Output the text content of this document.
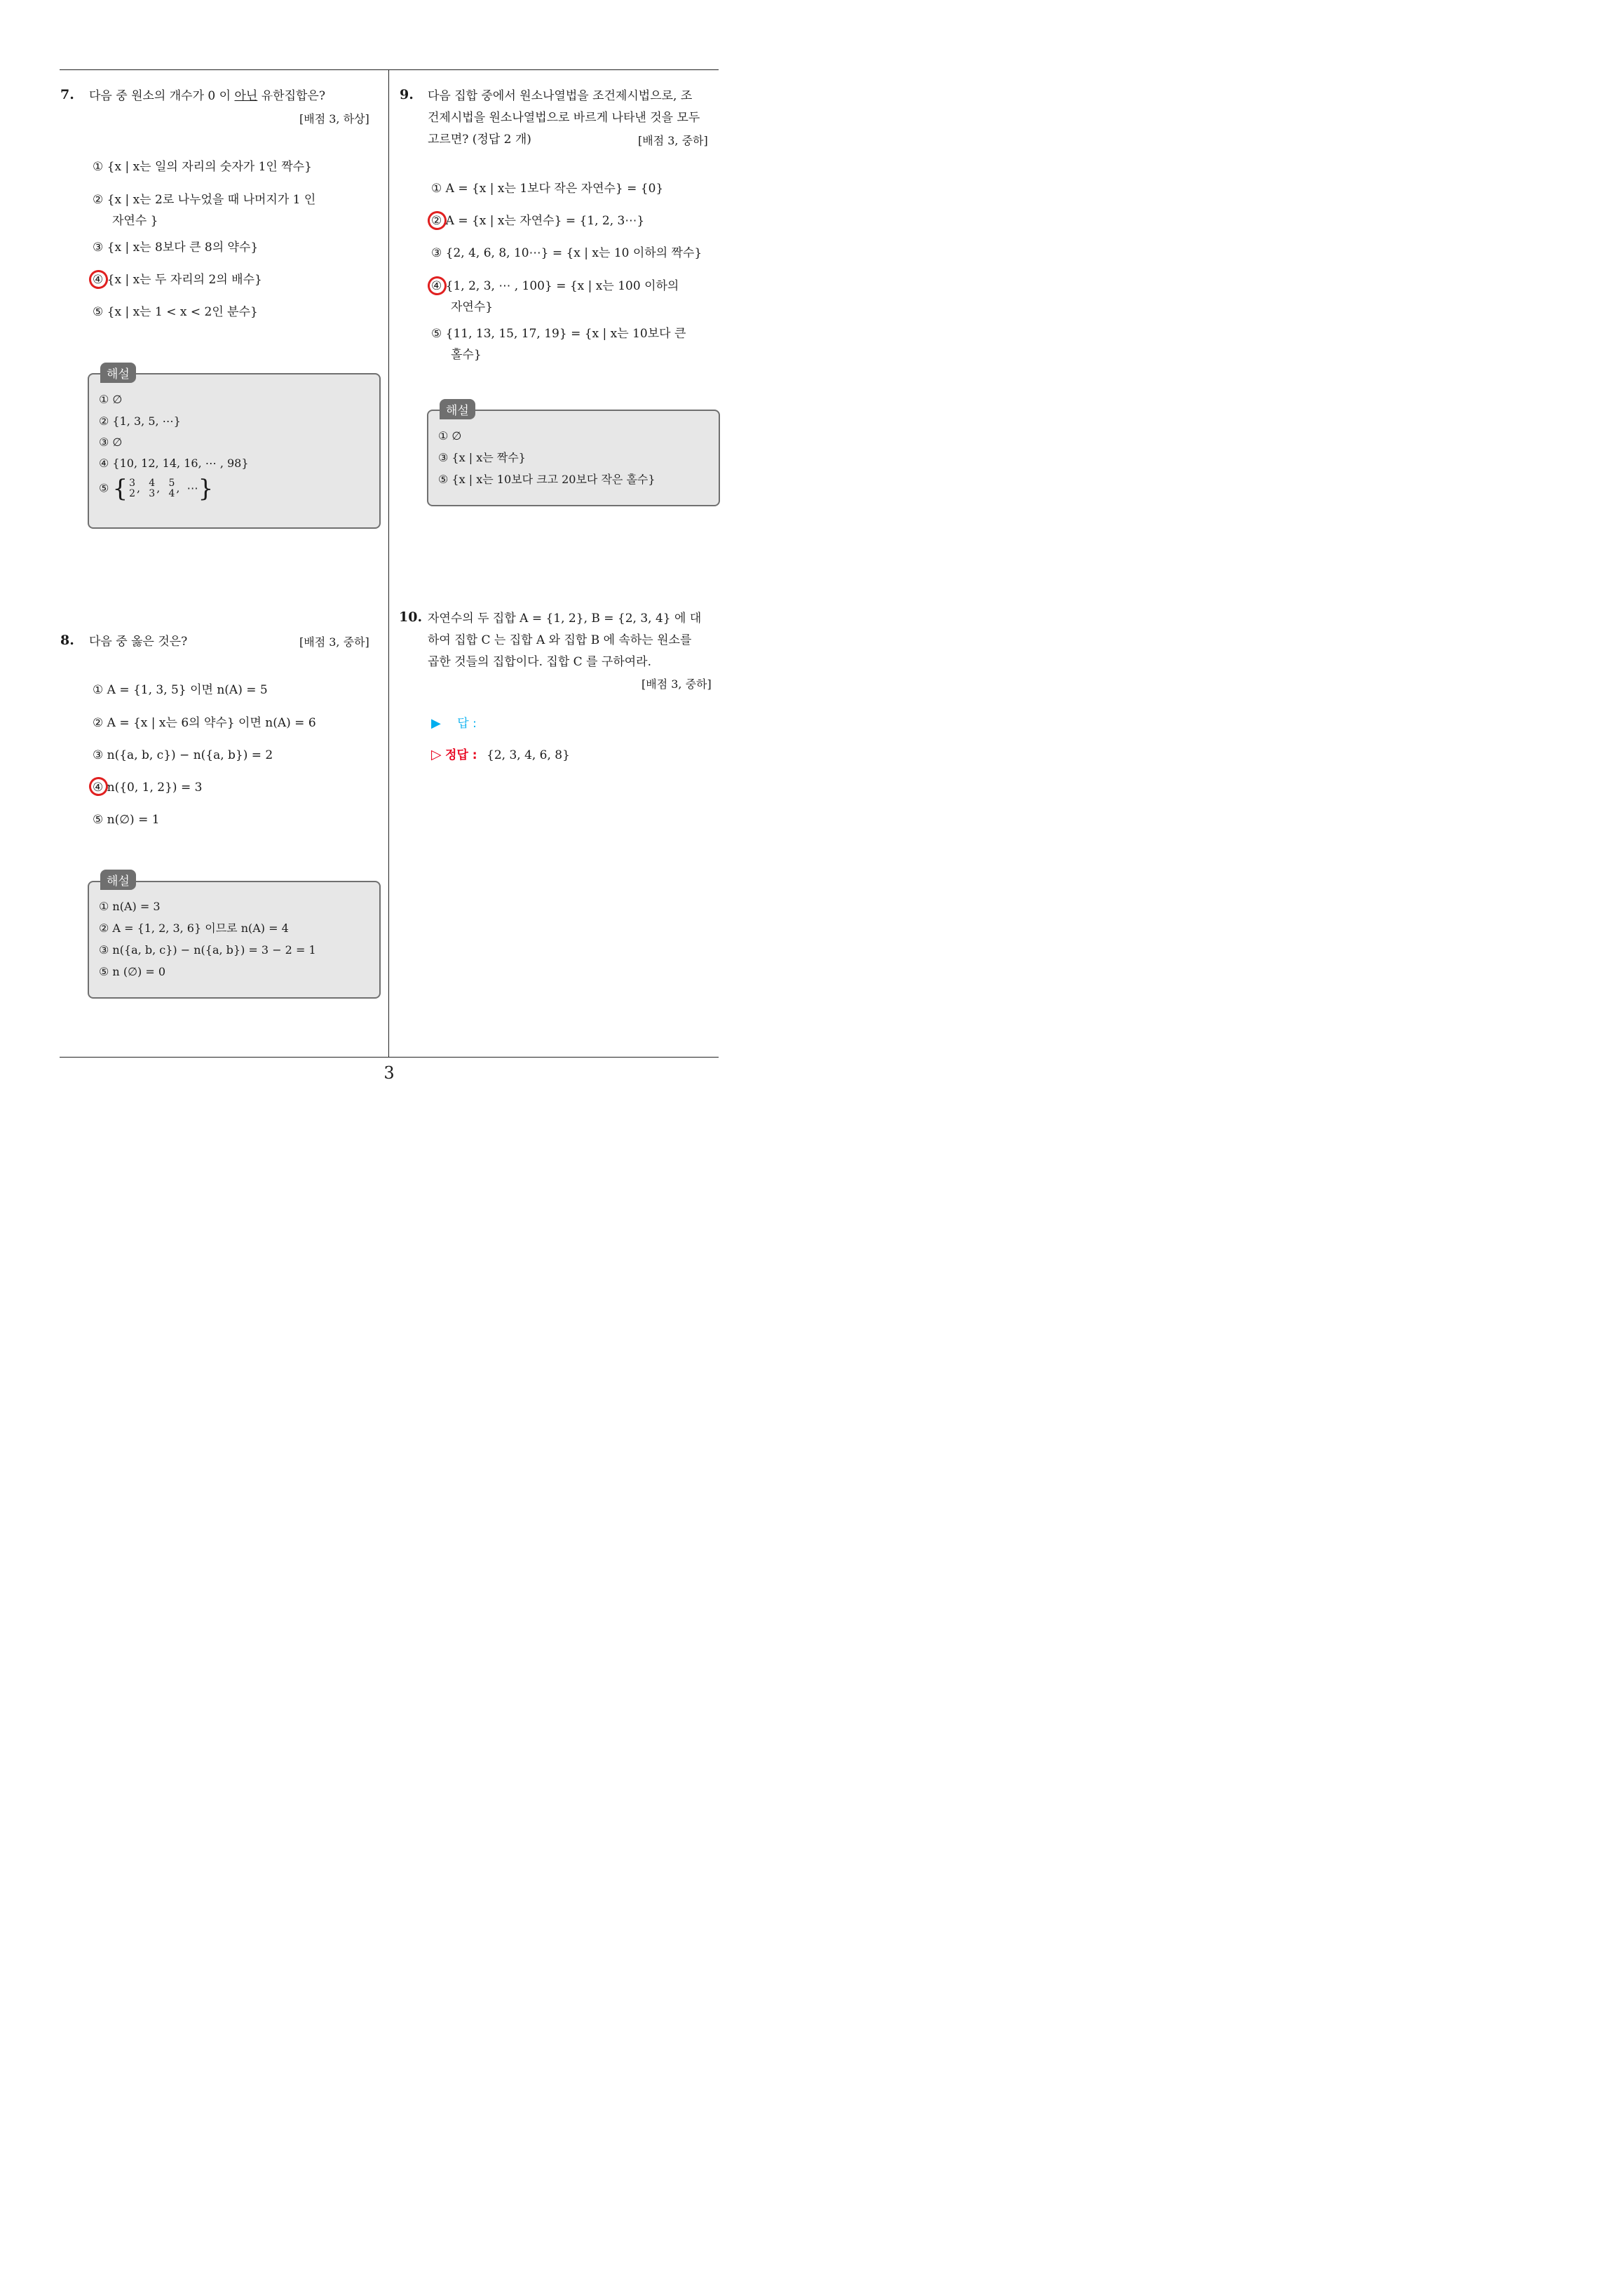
7. 다음 중 원소의 개수가 0 이 아닌 유한집합은?
[배점 3, 하상]
① {x | x는 일의 자리의 숫자가 1인 짝수}
② {x | x는 2로 나누었을 때 나머지가 1 인
자연수 }
③ {x | x는 8보다 큰 8의 약수}
④ {x | x는 두 자리의 2의 배수}
⑤ {x | x는 1 < x < 2인 분수}
해설
① ∅
② {1, 3, 5, ⋯}
③ ∅
④ {10, 12, 14, 16, ⋯ , 98}
⑤ { 3
2 ,  4
3 ,  5
4 ,  ⋯}
8. 다음 중 옳은 것은?	[배점 3, 중하]
① A = {1, 3, 5} 이면 n(A) = 5
② A = {x | x는 6의 약수} 이면 n(A) = 6
③ n({a, b, c}) − n({a, b}) = 2
④ n({0, 1, 2}) = 3
⑤ n(∅) = 1
해설
① n(A) = 3
② A = {1, 2, 3, 6} 이므로 n(A) = 4
③ n({a, b, c}) − n({a, b}) = 3 − 2 = 1
⑤ n (∅) = 0
9. 다음 집합 중에서 원소나열법을 조건제시법으로, 조
건제시법을 원소나열법으로 바르게 나타낸 것을 모두
고르면? (정답 2 개)	[배점 3, 중하]
① A = {x | x는 1보다 작은 자연수} = {0}
② A = {x | x는 자연수} = {1, 2, 3⋯}
③ {2, 4, 6, 8, 10⋯} = {x | x는 10 이하의 짝수}
④ {1, 2, 3, ⋯ , 100} = {x | x는 100 이하의
자연수}
⑤ {11, 13, 15, 17, 19} = {x | x는 10보다 큰
홀수}
해설
① ∅
③ {x | x는 짝수}
⑤ {x | x는 10보다 크고 20보다 작은 홀수}
10. 자연수의 두 집합 A = {1, 2}, B = {2, 3, 4} 에 대
하여 집합 C 는 집합 A 와 집합 B 에 속하는 원소를
곱한 것들의 집합이다. 집합 C 를 구하여라.
[배점 3, 중하]
▶ 답 :
▷ 정답 : {2, 3, 4, 6, 8}
3
